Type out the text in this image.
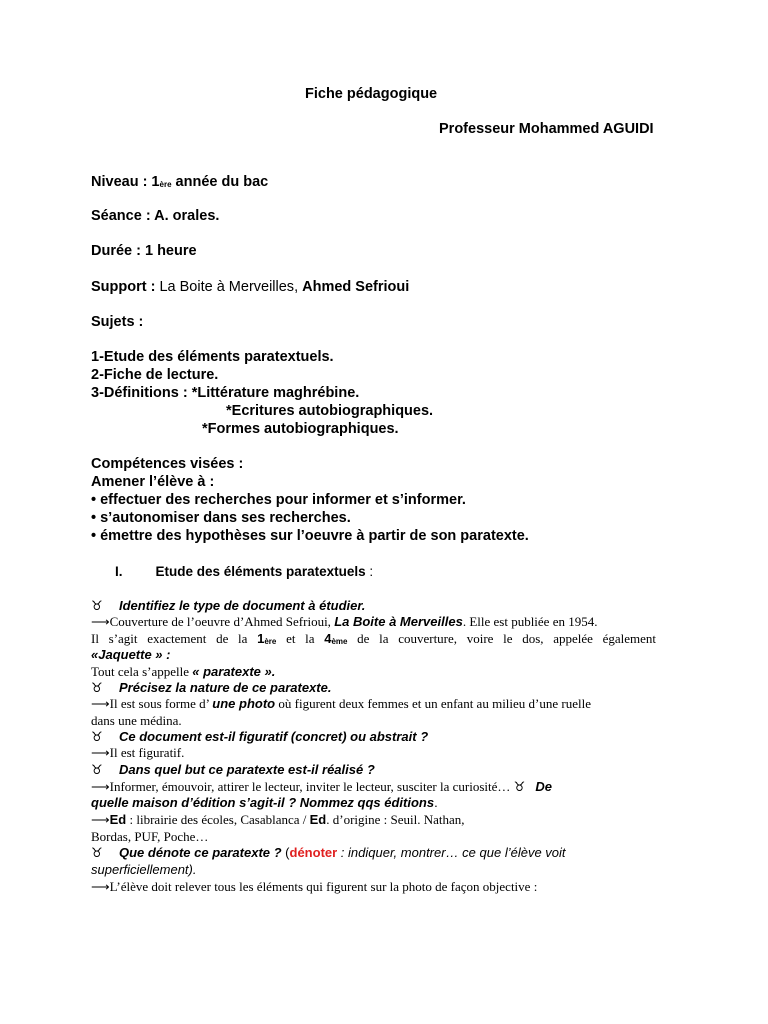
Fiche pédagogique
Professeur Mohammed AGUIDI
Niveau : $1_{ère}$ année du bac
Séance : A. orales.
Durée : 1 heure
Support : La Boite à Merveilles, Ahmed Sefrioui
Sujets :
1-Etude des éléments paratextuels.
2-Fiche de lecture.
3-Définitions : *Littérature maghrébine.
*Ecritures autobiographiques.
*Formes autobiographiques.
Compétences visées :
Amener l’élève à :
• effectuer des recherches pour informer et s’informer.
• s’autonomiser dans ses recherches.
• émettre des hypothèses sur l’oeuvre à partir de son paratexte.
I. Etude des éléments paratextuels :
♉ Identifiez le type de document à étudier.
⟶Couverture de l’oeuvre d’Ahmed Sefrioui, La Boite à Merveilles. Elle est publiée en 1954.
Il s’agit exactement de la $1_{ère}$ et la $4_{ème}$ de la couverture, voire le dos, appelée également
«Jaquette » :
Tout cela s’appelle « paratexte ».
♉ Précisez la nature de ce paratexte.
⟶Il est sous forme d’ une photo où figurent deux femmes et un enfant au milieu d’une ruelle
dans une médina.
♉ Ce document est-il figuratif (concret) ou abstrait ?
⟶Il est figuratif.
♉ Dans quel but ce paratexte est-il réalisé ?
⟶Informer, émouvoir, attirer le lecteur, inviter le lecteur, susciter la curiosité… ♉ De
quelle maison d’édition s’agit-il ? Nommez qqs éditions.
⟶Ed : librairie des écoles, Casablanca / Ed. d’origine : Seuil. Nathan,
Bordas, PUF, Poche…
♉ Que dénote ce paratexte ? (dénoter : indiquer, montrer… ce que l’élève voit
superficiellement).
⟶L’élève doit relever tous les éléments qui figurent sur la photo de façon objective :
